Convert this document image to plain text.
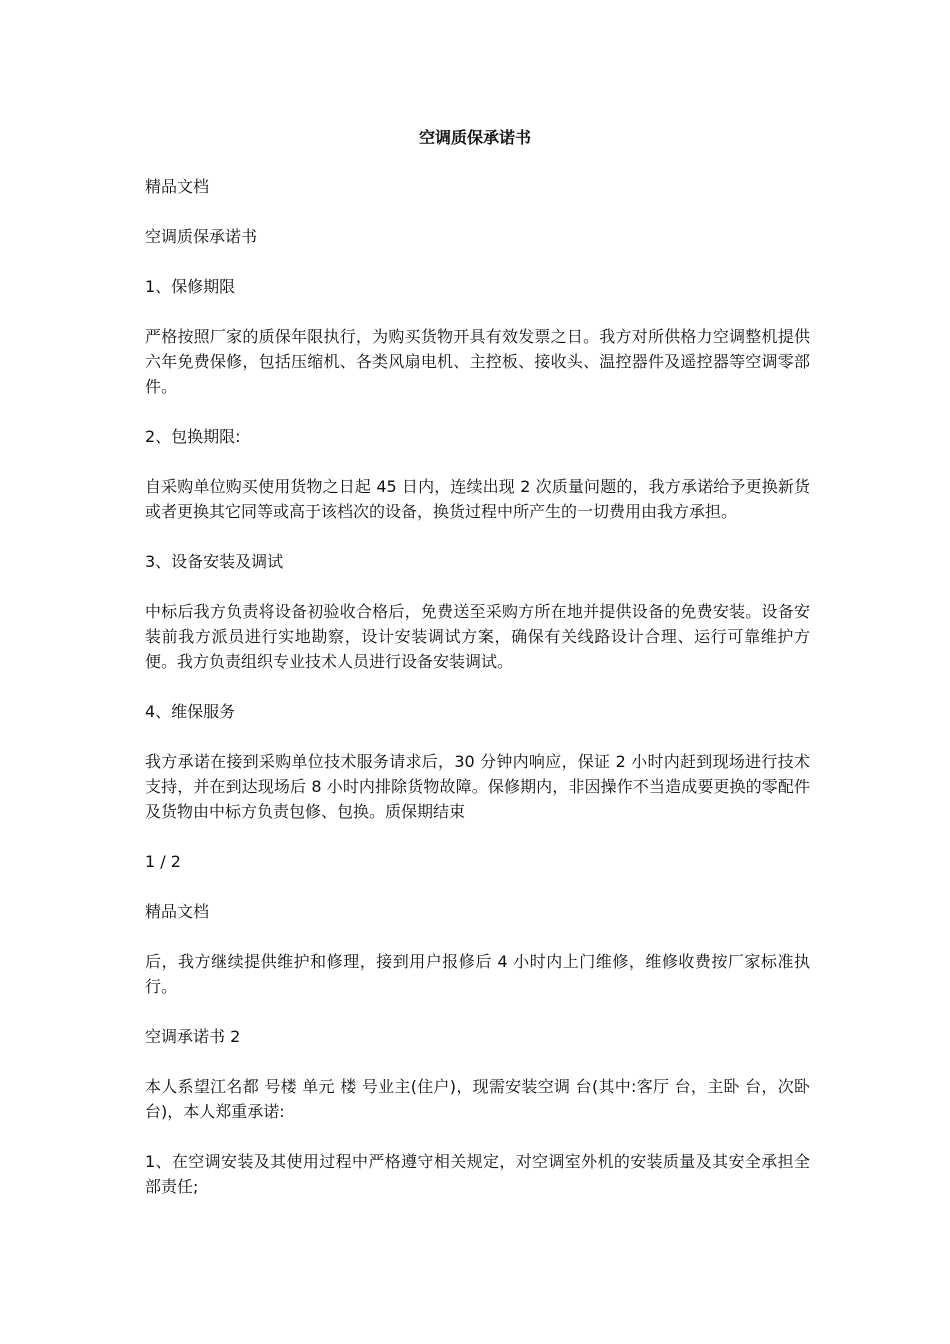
空调质保承诺书

精品文档

空调质保承诺书

1、保修期限

严格按照厂家的质保年限执行，为购买货物开具有效发票之日。我方对所供格力空调整机提供六年免费保修，包括压缩机、各类风扇电机、主控板、接收头、温控器件及遥控器等空调零部件。

2、包换期限:

自采购单位购买使用货物之日起 45 日内，连续出现 2 次质量问题的，我方承诺给予更换新货或者更换其它同等或高于该档次的设备，换货过程中所产生的一切费用由我方承担。

3、设备安装及调试

中标后我方负责将设备初验收合格后，免费送至采购方所在地并提供设备的免费安装。设备安装前我方派员进行实地勘察，设计安装调试方案，确保有关线路设计合理、运行可靠维护方便。我方负责组织专业技术人员进行设备安装调试。

4、维保服务

我方承诺在接到采购单位技术服务请求后，30 分钟内响应，保证 2 小时内赶到现场进行技术支持，并在到达现场后 8 小时内排除货物故障。保修期内，非因操作不当造成要更换的零配件及货物由中标方负责包修、包换。质保期结束

1 / 2

精品文档

后，我方继续提供维护和修理，接到用户报修后 4 小时内上门维修，维修收费按厂家标准执行。

空调承诺书 2

本人系望江名都 号楼 单元 楼 号业主(住户)，现需安装空调 台(其中:客厅 台，主卧 台，次卧 台)，本人郑重承诺:

1、在空调安装及其使用过程中严格遵守相关规定，对空调室外机的安装质量及其安全承担全部责任;
